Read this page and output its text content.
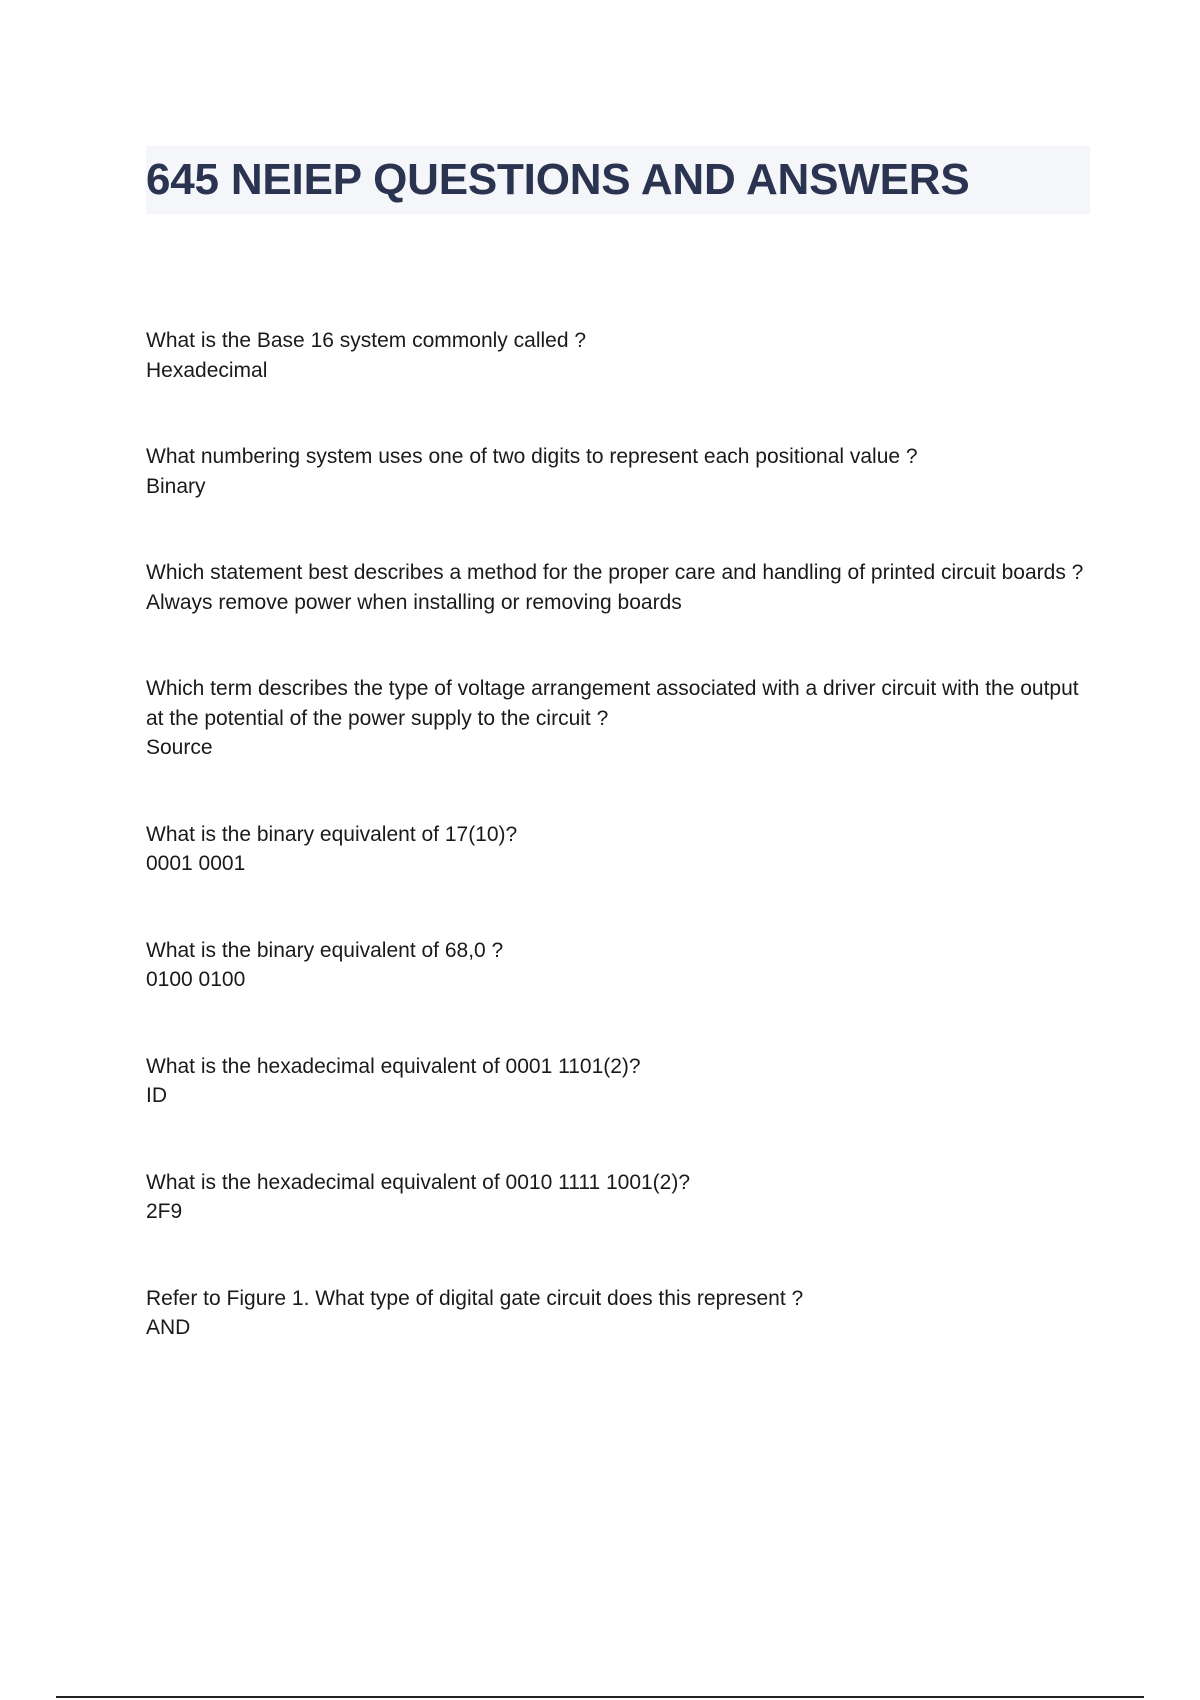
645 NEIEP QUESTIONS AND ANSWERS
What is the Base 16 system commonly called ?
Hexadecimal
What numbering system uses one of two digits to represent each positional value ?
Binary
Which statement best describes a method for the proper care and handling of printed circuit boards ?
Always remove power when installing or removing boards
Which term describes the type of voltage arrangement associated with a driver circuit with the output at the potential of the power supply to the circuit ?
Source
What is the binary equivalent of 17(10)?
0001 0001
What is the binary equivalent of 68,0 ?
0100 0100
What is the hexadecimal equivalent of 0001 1101(2)?
ID
What is the hexadecimal equivalent of 0010 1111 1001(2)?
2F9
Refer to Figure 1. What type of digital gate circuit does this represent ?
AND
